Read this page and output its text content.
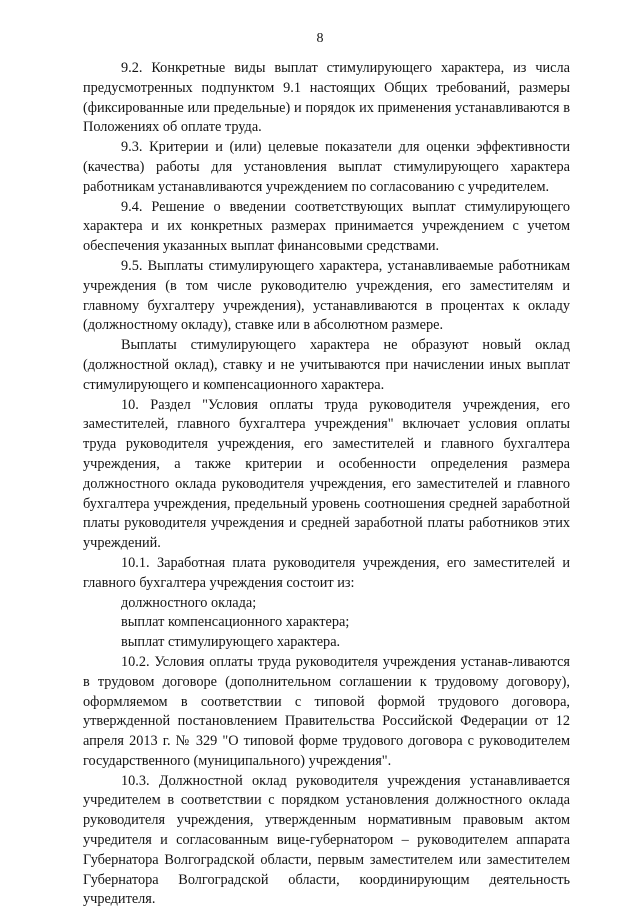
8

9.2. Конкретные виды выплат стимулирующего характера, из числа предусмотренных подпунктом 9.1 настоящих Общих требований, размеры (фиксированные или предельные) и порядок их применения устанавливаются в Положениях об оплате труда.

9.3. Критерии и (или) целевые показатели для оценки эффективности (качества) работы для установления выплат стимулирующего характера работникам устанавливаются учреждением по согласованию с учредителем.

9.4. Решение о введении соответствующих выплат стимулирующего характера и их конкретных размерах принимается учреждением с учетом обеспечения указанных выплат финансовыми средствами.

9.5. Выплаты стимулирующего характера, устанавливаемые работникам учреждения (в том числе руководителю учреждения, его заместителям и главному бухгалтеру учреждения), устанавливаются в процентах к окладу (должностному окладу), ставке или в абсолютном размере.

Выплаты стимулирующего характера не образуют новый оклад (должностной оклад), ставку и не учитываются при начислении иных выплат стимулирующего и компенсационного характера.

10. Раздел "Условия оплаты труда руководителя учреждения, его заместителей, главного бухгалтера учреждения" включает условия оплаты труда руководителя учреждения, его заместителей и главного бухгалтера учреждения, а также критерии и особенности определения размера должностного оклада руководителя учреждения, его заместителей и главного бухгалтера учреждения, предельный уровень соотношения средней заработной платы руководителя учреждения и средней заработной платы работников этих учреждений.

10.1. Заработная плата руководителя учреждения, его заместителей и главного бухгалтера учреждения состоит из:

должностного оклада;

выплат компенсационного характера;

выплат стимулирующего характера.

10.2. Условия оплаты труда руководителя учреждения устанав-ливаются в трудовом договоре (дополнительном соглашении к трудовому договору), оформляемом в соответствии с типовой формой трудового договора, утвержденной постановлением Правительства Российской Федерации от 12 апреля 2013 г. № 329 "О типовой форме трудового договора с руководителем государственного (муниципального) учреждения".

10.3. Должностной оклад руководителя учреждения устанавливается учредителем в соответствии с порядком установления должностного оклада руководителя учреждения, утвержденным нормативным правовым актом учредителя и согласованным вице-губернатором – руководителем аппарата Губернатора Волгоградской области, первым заместителем или заместителем Губернатора Волгоградской области, координирующим деятельность учредителя.
